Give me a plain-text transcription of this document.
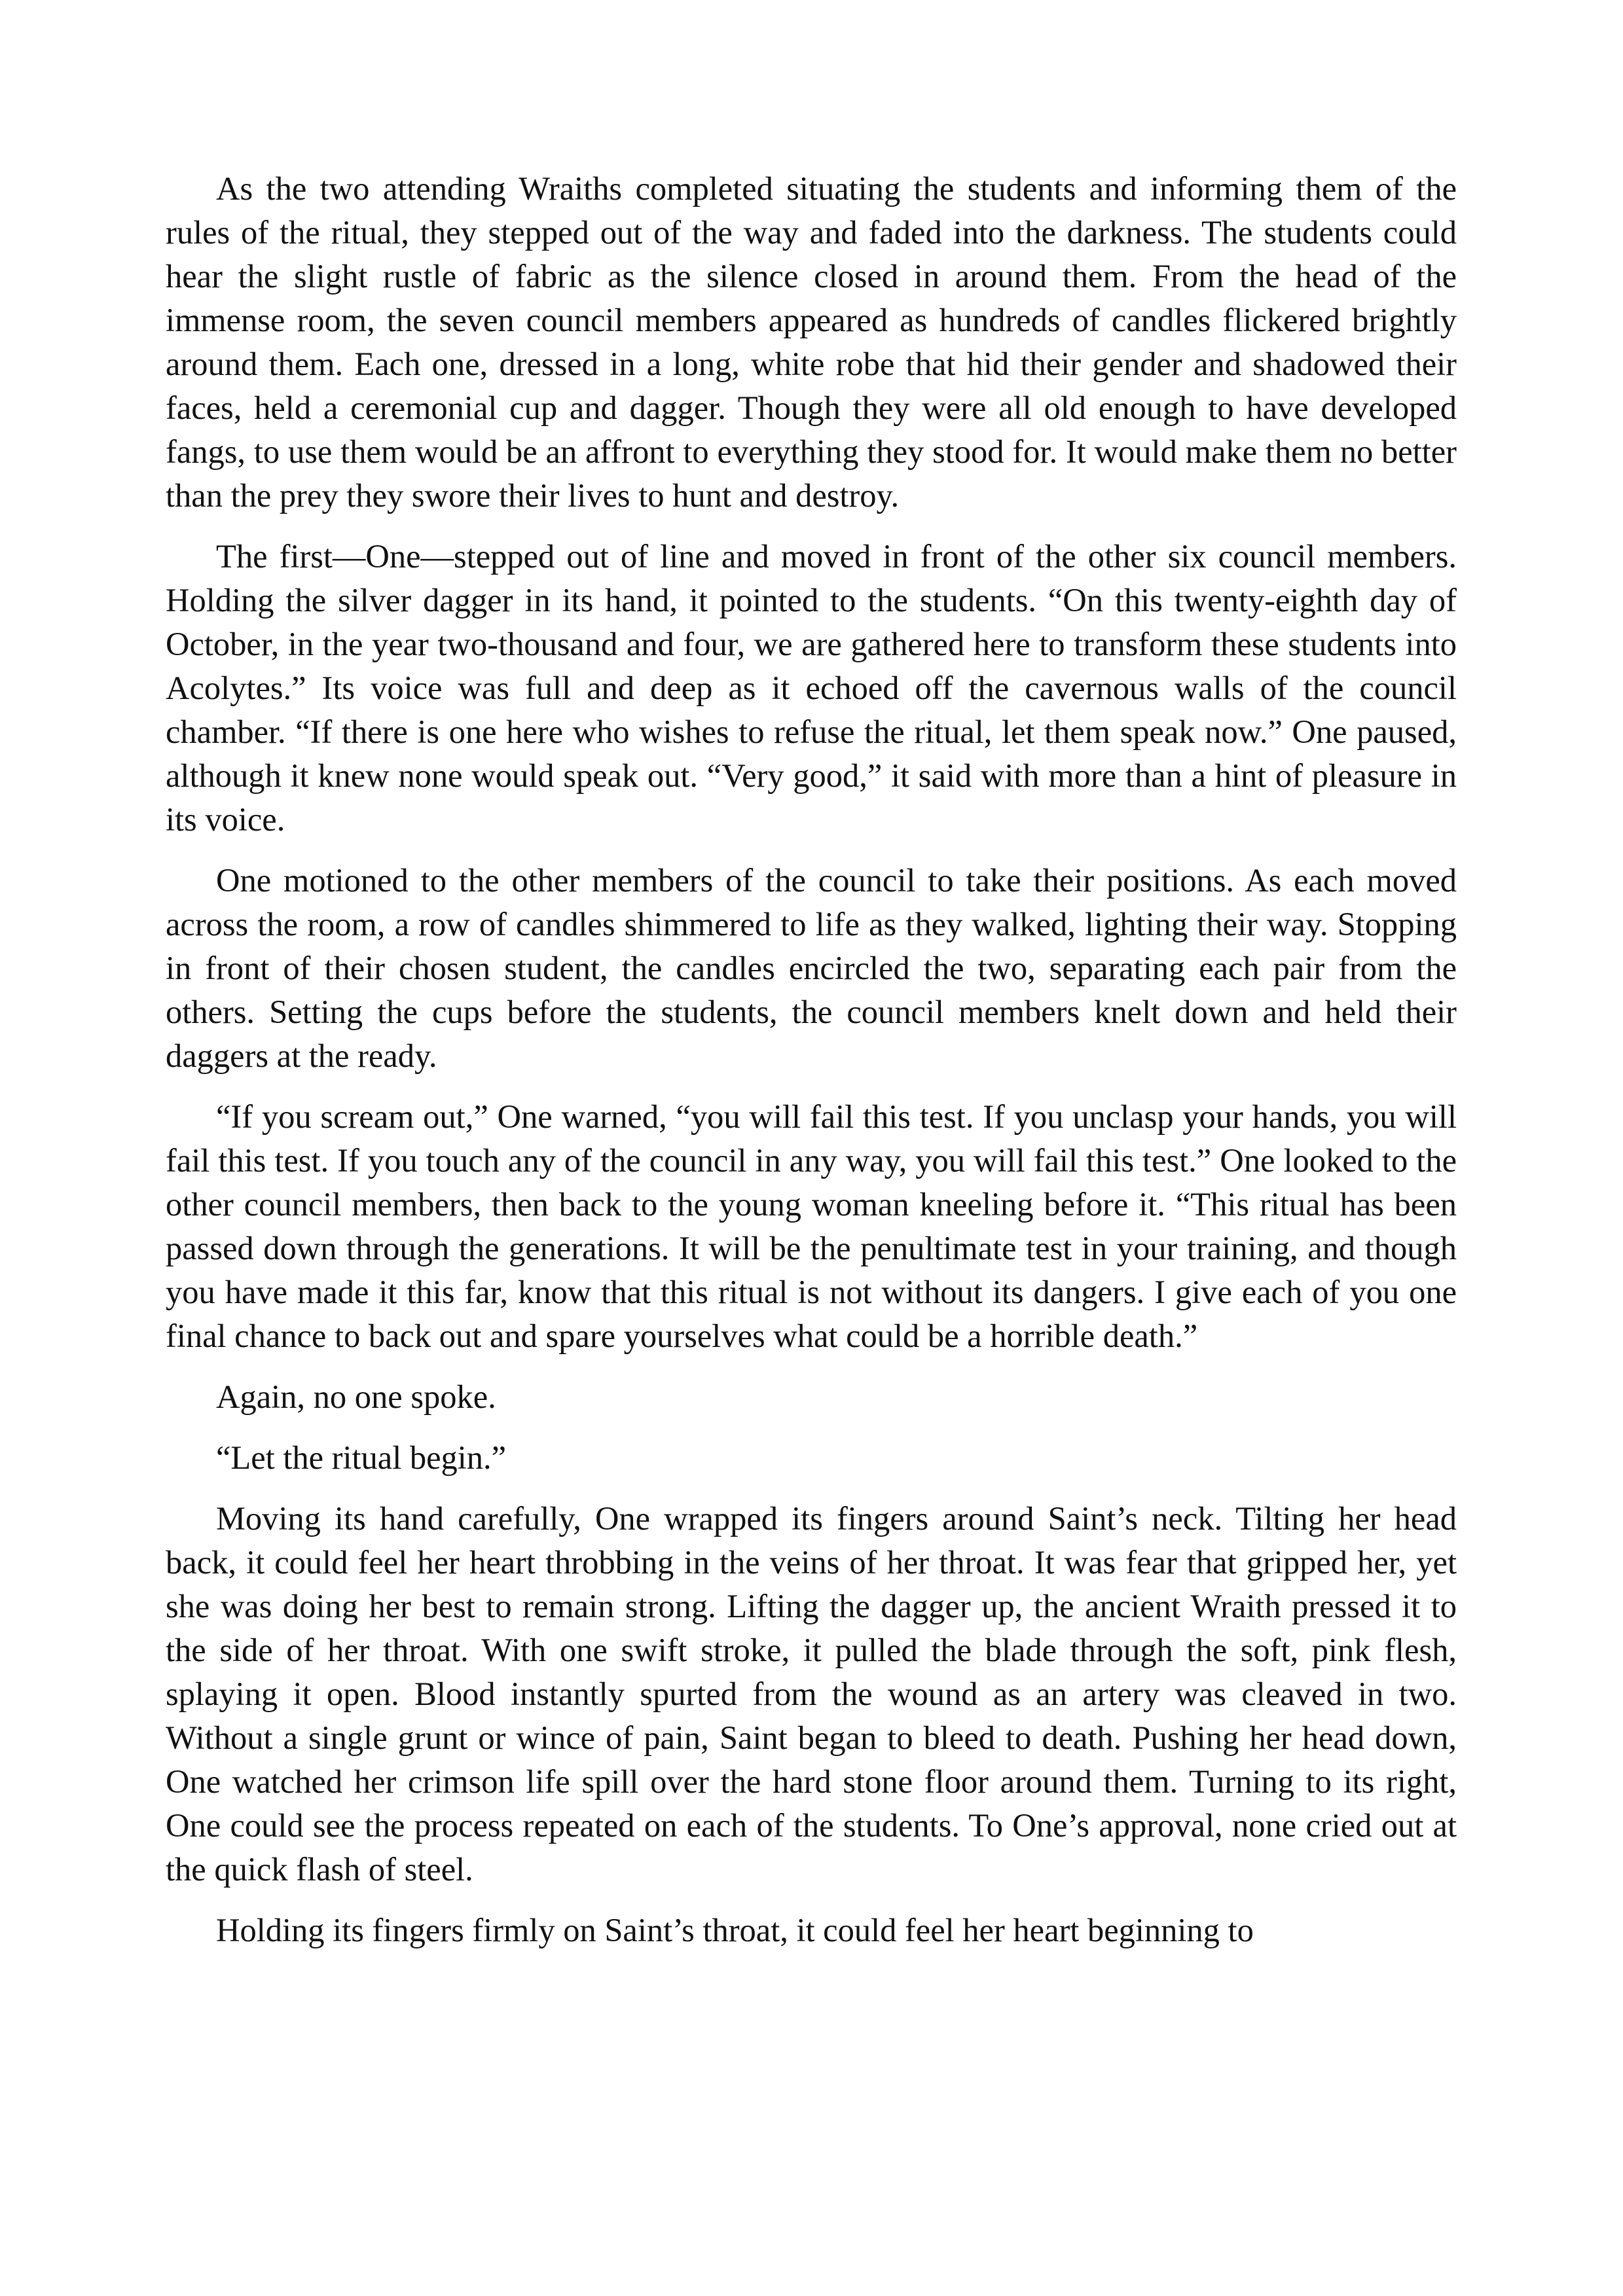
As the two attending Wraiths completed situating the students and informing them of the rules of the ritual, they stepped out of the way and faded into the darkness. The students could hear the slight rustle of fabric as the silence closed in around them. From the head of the immense room, the seven council members appeared as hundreds of candles flickered brightly around them. Each one, dressed in a long, white robe that hid their gender and shadowed their faces, held a ceremonial cup and dagger. Though they were all old enough to have developed fangs, to use them would be an affront to everything they stood for. It would make them no better than the prey they swore their lives to hunt and destroy.

The first—One—stepped out of line and moved in front of the other six council members. Holding the silver dagger in its hand, it pointed to the students. “On this twenty-eighth day of October, in the year two-thousand and four, we are gathered here to transform these students into Acolytes.” Its voice was full and deep as it echoed off the cavernous walls of the council chamber. “If there is one here who wishes to refuse the ritual, let them speak now.” One paused, although it knew none would speak out. “Very good,” it said with more than a hint of pleasure in its voice.

One motioned to the other members of the council to take their positions. As each moved across the room, a row of candles shimmered to life as they walked, lighting their way. Stopping in front of their chosen student, the candles encircled the two, separating each pair from the others. Setting the cups before the students, the council members knelt down and held their daggers at the ready.

“If you scream out,” One warned, “you will fail this test. If you unclasp your hands, you will fail this test. If you touch any of the council in any way, you will fail this test.” One looked to the other council members, then back to the young woman kneeling before it. “This ritual has been passed down through the generations. It will be the penultimate test in your training, and though you have made it this far, know that this ritual is not without its dangers. I give each of you one final chance to back out and spare yourselves what could be a horrible death.”

Again, no one spoke.

“Let the ritual begin.”

Moving its hand carefully, One wrapped its fingers around Saint’s neck. Tilting her head back, it could feel her heart throbbing in the veins of her throat. It was fear that gripped her, yet she was doing her best to remain strong. Lifting the dagger up, the ancient Wraith pressed it to the side of her throat. With one swift stroke, it pulled the blade through the soft, pink flesh, splaying it open. Blood instantly spurted from the wound as an artery was cleaved in two. Without a single grunt or wince of pain, Saint began to bleed to death. Pushing her head down, One watched her crimson life spill over the hard stone floor around them. Turning to its right, One could see the process repeated on each of the students. To One’s approval, none cried out at the quick flash of steel.

Holding its fingers firmly on Saint’s throat, it could feel her heart beginning to
